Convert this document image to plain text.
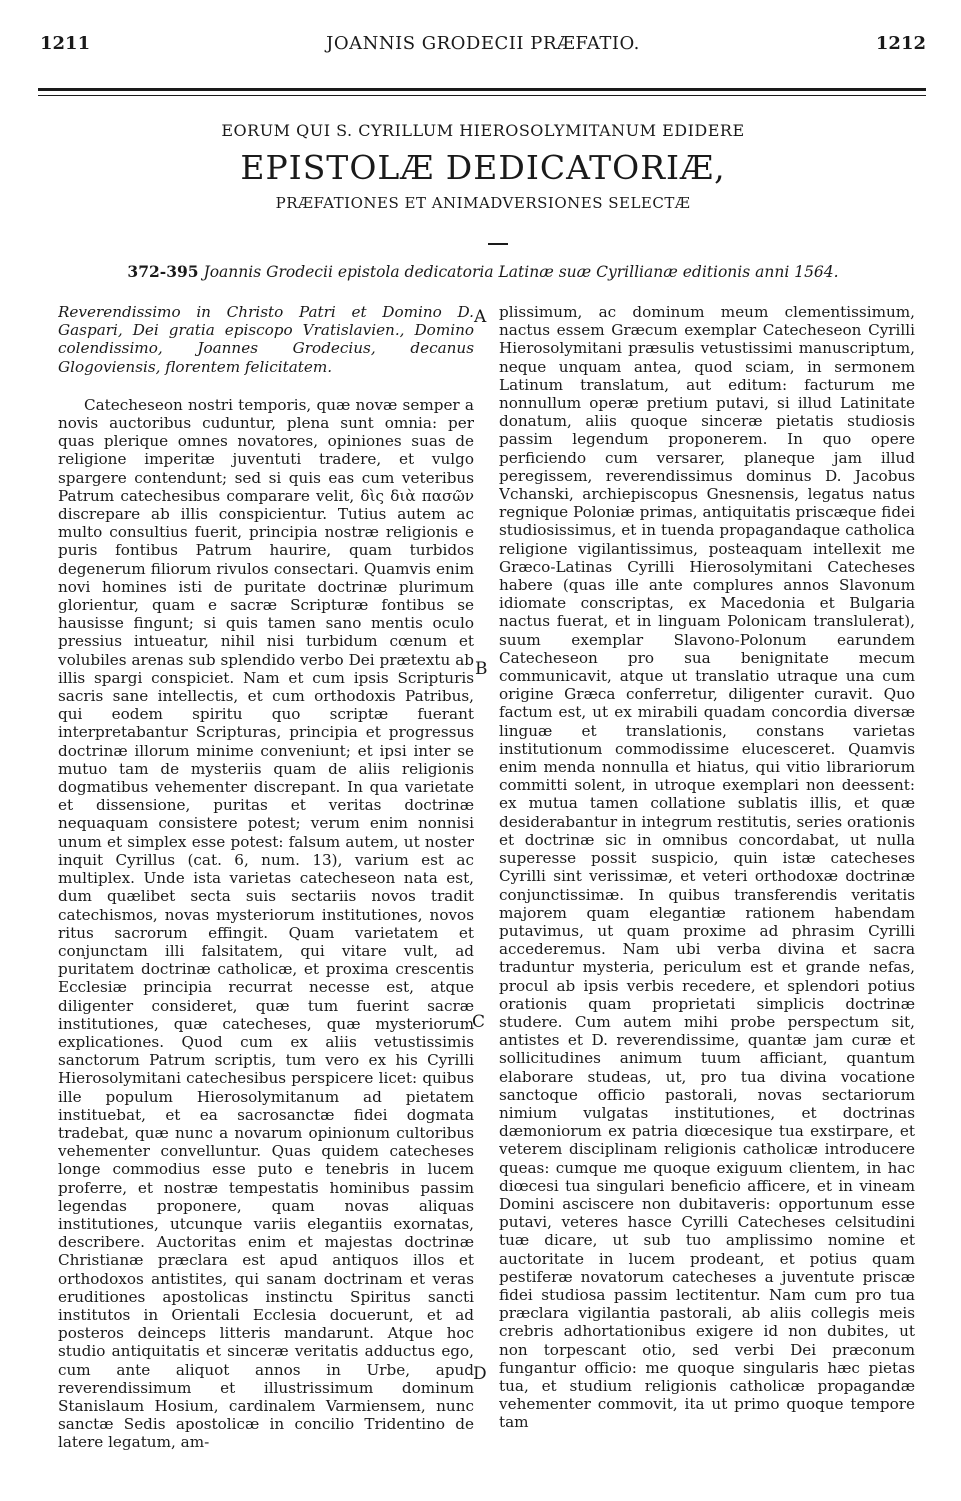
1211	JOANNIS GRODECII PRÆFATIO.	1212
EORUM QUI S. CYRILLUM HIEROSOLYMITANUM EDIDERE
EPISTOLÆ DEDICATORIÆ,
PRÆFATIONES ET ANIMADVERSIONES SELECTÆ
372-395 Joannis Grodecii epistola dedicatoria Latinæ suæ Cyrillianæ editionis anni 1564.

Reverendissimo in Christo Patri et Domino D. Gaspari, Dei gratia episcopo Vratislavien., Domino colendissimo, Joannes Grodecius, decanus Glogoviensis, florentem felicitatem.

Catecheseon nostri temporis, quæ novæ semper a novis auctoribus cuduntur, plena sunt omnia: per quas plerique omnes novatores, opiniones suas de religione imperitæ juventuti tradere, et vulgo spargere contendunt; sed si quis eas cum veteribus Patrum catechesibus comparare velit, δὶς διὰ πασῶν discrepare ab illis conspicientur. Tutius autem ac multo consultius fuerit, principia nostræ religionis e puris fontibus Patrum haurire, quam turbidos degenerum filiorum rivulos consectari. Quamvis enim novi homines isti de puritate doctrinæ plurimum glorientur, quam e sacræ Scripturæ fontibus se hausisse fingunt; si quis tamen sano mentis oculo pressius intueatur, nihil nisi turbidum cœnum et volubiles arenas sub splendido verbo Dei prætextu ab illis spargi conspiciet. Nam et cum ipsis Scripturis sacris sane intellectis, et cum orthodoxis Patribus, qui eodem spiritu quo scriptæ fuerant interpretabantur Scripturas, principia et progressus doctrinæ illorum minime conveniunt; et ipsi inter se mutuo tam de mysteriis quam de aliis religionis dogmatibus vehementer discrepant. In qua varietate et dissensione, puritas et veritas doctrinæ nequaquam consistere potest; verum enim nonnisi unum et simplex esse potest: falsum autem, ut noster inquit Cyrillus (cat. 6, num. 13), varium est ac multiplex. Unde ista varietas catecheseon nata est, dum quælibet secta suis sectariis novos tradit catechismos, novas mysteriorum institutiones, novos ritus sacrorum effingit. Quam varietatem et conjunctam illi falsitatem, qui vitare vult, ad puritatem doctrinæ catholicæ, et proxima crescentis Ecclesiæ principia recurrat necesse est, atque diligenter consideret, quæ tum fuerint sacræ institutiones, quæ catecheses, quæ mysteriorum explicationes. Quod cum ex aliis vetustissimis sanctorum Patrum scriptis, tum vero ex his Cyrilli Hierosolymitani catechesibus perspicere licet: quibus ille populum Hierosolymitanum ad pietatem instituebat, et ea sacrosanctæ fidei dogmata tradebat, quæ nunc a novarum opinionum cultoribus vehementer convelluntur. Quas quidem catecheses longe commodius esse puto e tenebris in lucem proferre, et nostræ tempestatis hominibus passim legendas proponere, quam novas aliquas institutiones, utcunque variis elegantiis exornatas, describere. Auctoritas enim et majestas doctrinæ Christianæ præclara est apud antiquos illos et orthodoxos antistites, qui sanam doctrinam et veras eruditiones apostolicas instinctu Spiritus sancti institutos in Orientali Ecclesia docuerunt, et ad posteros deinceps litteris mandarunt. Atque hoc studio antiquitatis et sinceræ veritatis adductus ego, cum ante aliquot annos in Urbe, apud reverendissimum et illustrissimum dominum Stanislaum Hosium, cardinalem Varmiensem, nunc sanctæ Sedis apostolicæ in concilio Tridentino de latere legatum, am-

plissimum, ac dominum meum clementissimum, nactus essem Græcum exemplar Catecheseon Cyrilli Hierosolymitani præsulis vetustissimi manuscriptum, neque unquam antea, quod sciam, in sermonem Latinum translatum, aut editum: facturum me nonnullum operæ pretium putavi, si illud Latinitate donatum, aliis quoque sinceræ pietatis studiosis passim legendum proponerem. In quo opere perficiendo cum versarer, planeque jam illud peregissem, reverendissimus dominus D. Jacobus Vchanski, archiepiscopus Gnesnensis, legatus natus regnique Poloniæ primas, antiquitatis priscæque fidei studiosissimus, et in tuenda propagandaque catholica religione vigilantissimus, posteaquam intellexit me Græco-Latinas Cyrilli Hierosolymitani Catecheses habere (quas ille ante complures annos Slavonum idiomate conscriptas, ex Macedonia et Bulgaria nactus fuerat, et in linguam Polonicam translulerat), suum exemplar Slavono-Polonum earundem Catecheseon pro sua benignitate mecum communicavit, atque ut translatio utraque una cum origine Græca conferretur, diligenter curavit. Quo factum est, ut ex mirabili quadam concordia diversæ linguæ et translationis, constans varietas institutionum commodissime elucesceret. Quamvis enim menda nonnulla et hiatus, qui vitio librariorum committi solent, in utroque exemplari non deessent: ex mutua tamen collatione sublatis illis, et quæ desiderabantur in integrum restitutis, series orationis et doctrinæ sic in omnibus concordabat, ut nulla superesse possit suspicio, quin istæ catecheses Cyrilli sint verissimæ, et veteri orthodoxæ doctrinæ conjunctissimæ. In quibus transferendis veritatis majorem quam elegantiæ rationem habendam putavimus, ut quam proxime ad phrasim Cyrilli accederemus. Nam ubi verba divina et sacra traduntur mysteria, periculum est et grande nefas, procul ab ipsis verbis recedere, et splendori potius orationis quam proprietati simplicis doctrinæ studere. Cum autem mihi probe perspectum sit, antistes et D. reverendissime, quantæ jam curæ et sollicitudines animum tuum afficiant, quantum elaborare studeas, ut, pro tua divina vocatione sanctoque officio pastorali, novas sectariorum nimium vulgatas institutiones, et doctrinas dæmoniorum ex patria diœcesique tua exstirpare, et veterem disciplinam religionis catholicæ introducere queas: cumque me quoque exiguum clientem, in hac diœcesi tua singulari beneficio afficere, et in vineam Domini asciscere non dubitaveris: opportunum esse putavi, veteres hasce Cyrilli Catecheses celsitudini tuæ dicare, ut sub tuo amplissimo nomine et auctoritate in lucem prodeant, et potius quam pestiferæ novatorum catecheses a juventute priscæ fidei studiosa passim lectitentur. Nam cum pro tua præclara vigilantia pastorali, ab aliis collegis meis crebris adhortationibus exigere id non dubites, ut non torpescant otio, sed verbi Dei præconum fungantur officio: me quoque singularis hæc pietas tua, et studium religionis catholicæ propagandæ vehementer commovit, ita ut primo quoque tempore tam

A
B
C
D
